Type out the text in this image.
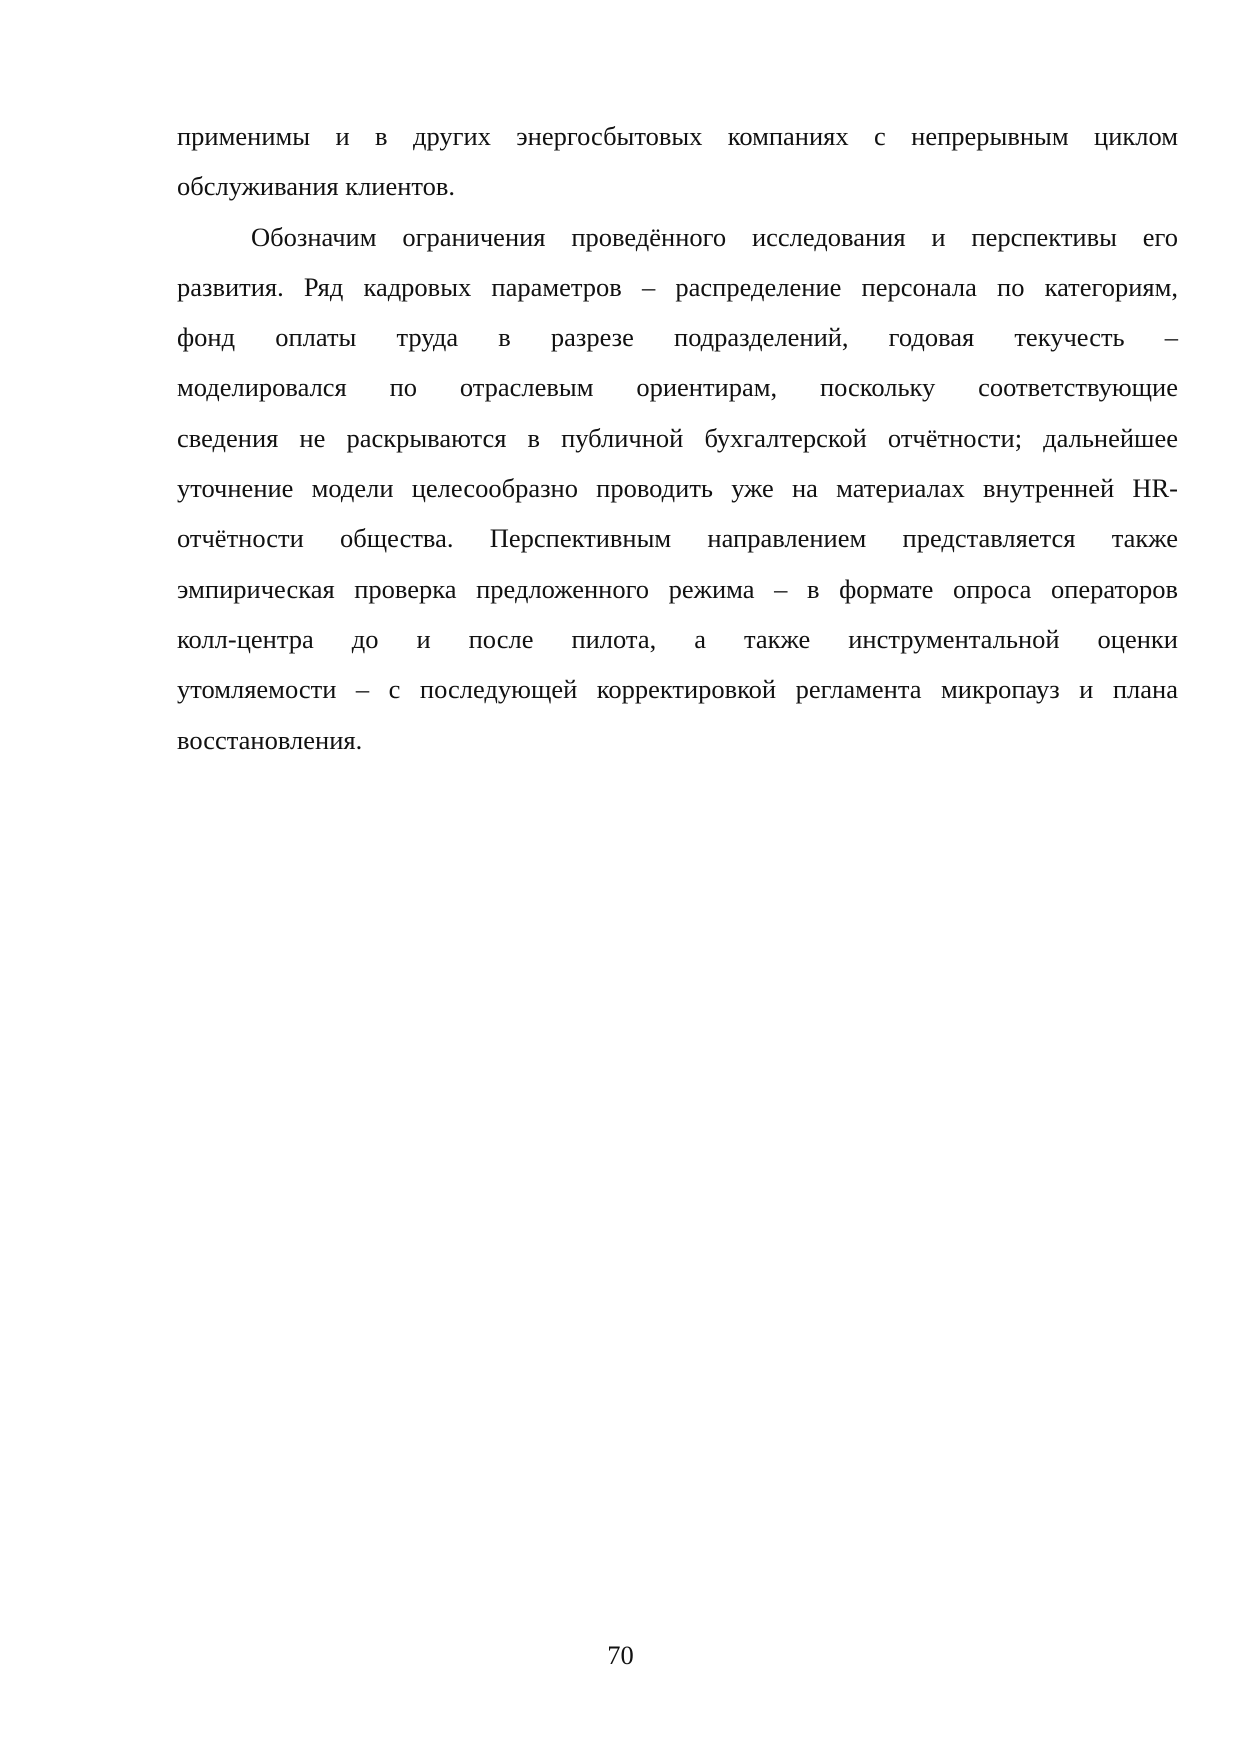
применимы и в других энергосбытовых компаниях с непрерывным циклом
обслуживания клиентов.
Обозначим ограничения проведённого исследования и перспективы его
развития. Ряд кадровых параметров – распределение персонала по категориям,
фонд оплаты труда в разрезе подразделений, годовая текучесть –
моделировался по отраслевым ориентирам, поскольку соответствующие
сведения не раскрываются в публичной бухгалтерской отчётности; дальнейшее
уточнение модели целесообразно проводить уже на материалах внутренней HR-
отчётности общества. Перспективным направлением представляется также
эмпирическая проверка предложенного режима – в формате опроса операторов
колл-центра до и после пилота, а также инструментальной оценки
утомляемости – с последующей корректировкой регламента микропауз и плана
восстановления.
70
